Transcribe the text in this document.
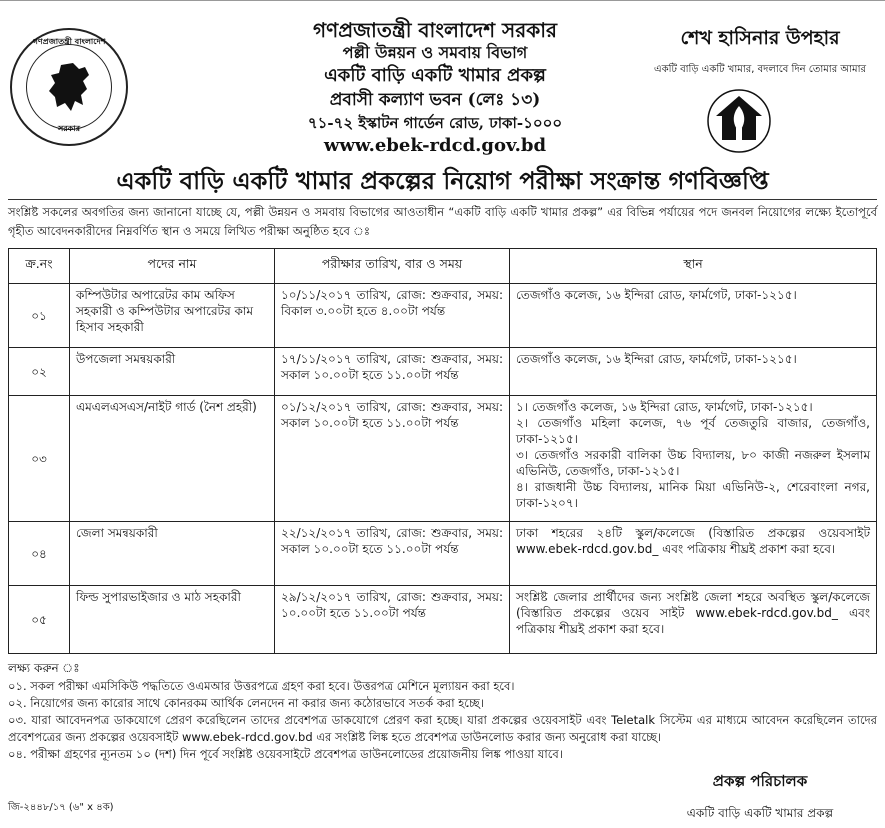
গণপ্রজাতন্ত্রী বাংলাদেশ
সরকার
গণপ্রজাতন্ত্রী বাংলাদেশ সরকার
পল্লী উন্নয়ন ও সমবায় বিভাগ
একটি বাড়ি একটি খামার প্রকল্প
প্রবাসী কল্যাণ ভবন (লেঃ ১৩)
৭১-৭২ ইস্কাটন গার্ডেন রোড, ঢাকা-১০০০
www.ebek-rdcd.gov.bd
শেখ হাসিনার উপহার
একটি বাড়ি একটি খামার, বদলাবে দিন তোমার আমার
একটি বাড়ি একটি খামার প্রকল্পের নিয়োগ পরীক্ষা সংক্রান্ত গণবিজ্ঞপ্তি
সংশ্লিষ্ট সকলের অবগতির জন্য জানানো যাচ্ছে যে, পল্লী উন্নয়ন ও সমবায় বিভাগের আওতাধীন “একটি বাড়ি একটি খামার প্রকল্প” এর বিভিন্ন পর্যায়ের পদে জনবল নিয়োগের লক্ষ্যে ইতোপূর্বে গৃহীত আবেদনকারীদের নিম্নবর্ণিত স্থান ও সময়ে লিখিত পরীক্ষা অনুষ্ঠিত হবে ঃ
ক্র.নং	পদের নাম	পরীক্ষার তারিখ, বার ও সময়	স্থান
০১	কম্পিউটার অপারেটর কাম অফিস সহকারী ও কম্পিউটার অপারেটর কাম হিসাব সহকারী	১০/১১/২০১৭ তারিখ, রোজ: শুক্রবার, সময়: বিকাল ৩.০০টা হতে ৪.০০টা পর্যন্ত	তেজগাঁও কলেজ, ১৬ ইন্দিরা রোড, ফার্মগেট, ঢাকা-১২১৫।

০২	উপজেলা সমন্বয়কারী	১৭/১১/২০১৭ তারিখ, রোজ: শুক্রবার, সময়: সকাল ১০.০০টা হতে ১১.০০টা পর্যন্ত	তেজগাঁও কলেজ, ১৬ ইন্দিরা রোড, ফার্মগেট, ঢাকা-১২১৫।

০৩	এমএলএসএস/নাইট গার্ড (নৈশ প্রহরী)	০১/১২/২০১৭ তারিখ, রোজ: শুক্রবার, সময়: সকাল ১০.০০টা হতে ১১.০০টা পর্যন্ত	১। তেজগাঁও কলেজ, ১৬ ইন্দিরা রোড, ফার্মগেট, ঢাকা-১২১৫।
২। তেজগাঁও মহিলা কলেজ, ৭৬ পূর্ব তেজতুরি বাজার, তেজগাঁও, ঢাকা-১২১৫।
৩। তেজগাঁও সরকারী বালিকা উচ্চ বিদ্যালয়, ৮০ কাজী নজরুল ইসলাম এভিনিউ, তেজগাঁও, ঢাকা-১২১৫।
৪। রাজধানী উচ্চ বিদ্যালয়, মানিক মিয়া এভিনিউ-২, শেরেবাংলা নগর, ঢাকা-১২০৭।

০৪	জেলা সমন্বয়কারী	২২/১২/২০১৭ তারিখ, রোজ: শুক্রবার, সময়: সকাল ১০.০০টা হতে ১১.০০টা পর্যন্ত	ঢাকা শহরের ২৪টি স্কুল/কলেজে (বিস্তারিত প্রকল্পের ওয়েবসাইট www.ebek-rdcd.gov.bd_ এবং পত্রিকায় শীঘ্রই প্রকাশ করা হবে।

০৫	ফিল্ড সুপারভাইজার ও মাঠ সহকারী	২৯/১২/২০১৭ তারিখ, রোজ: শুক্রবার, সময়: ১০.০০টা হতে ১১.০০টা পর্যন্ত	সংশ্লিষ্ট জেলার প্রার্থীদের জন্য সংশ্লিষ্ট জেলা শহরে অবস্থিত স্কুল/কলেজে (বিস্তারিত প্রকল্পের ওয়েব সাইট www.ebek-rdcd.gov.bd_ এবং পত্রিকায় শীঘ্রই প্রকাশ করা হবে।
লক্ষ্য করুন ঃ
০১. সকল পরীক্ষা এমসিকিউ পদ্ধতিতে ওএমআর উত্তরপত্রে গ্রহণ করা হবে। উত্তরপত্র মেশিনে মূল্যায়ন করা হবে।
০২. নিয়োগের জন্য কারোর সাথে কোনরকম আর্থিক লেনদেন না করার জন্য কঠোরভাবে সতর্ক করা হচ্ছে।
০৩. যারা আবেদনপত্র ডাকযোগে প্রেরণ করেছিলেন তাদের প্রবেশপত্র ডাকযোগে প্রেরণ করা হচ্ছে। যারা প্রকল্পের ওয়েবসাইট এবং Teletalk সিস্টেম এর মাধ্যমে আবেদন করেছিলেন তাদের প্রবেশপত্রের জন্য প্রকল্পের ওয়েবসাইট www.ebek-rdcd.gov.bd এর সংশ্লিষ্ট লিঙ্ক হতে প্রবেশপত্র ডাউনলোড করার জন্য অনুরোধ করা যাচ্ছে।
০৪. পরীক্ষা গ্রহণের ন্যূনতম ১০ (দশ) দিন পূর্বে সংশ্লিষ্ট ওয়েবসাইটে প্রবেশপত্র ডাউনলোডের প্রয়োজনীয় লিঙ্ক পাওয়া যাবে।
প্রকল্প পরিচালক
একটি বাড়ি একটি খামার প্রকল্প
জি-২৪৪৮/১৭ (৬" x ৪ক)
